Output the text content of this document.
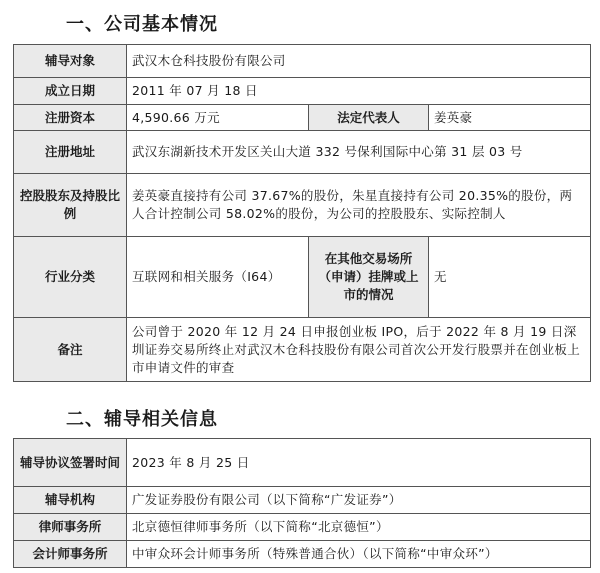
一、公司基本情况
辅导对象	武汉木仓科技股份有限公司		
成立日期	2011 年 07 月 18 日		
注册资本	4,590.66 万元	法定代表人	姜英豪
注册地址	武汉东湖新技术开发区关山大道 332 号保利国际中心第 31 层 03 号		
控股股东及持股比例	姜英豪直接持有公司 37.67%的股份，朱星直接持有公司 20.35%的股份，两人合计控制公司 58.02%的股份，为公司的控股股东、实际控制人		
行业分类	互联网和相关服务（I64）	在其他交易场所（申请）挂牌或上市的情况	无
备注	公司曾于 2020 年 12 月 24 日申报创业板 IPO，后于 2022 年 8 月 19 日深圳证券交易所终止对武汉木仓科技股份有限公司首次公开发行股票并在创业板上市申请文件的审查		
二、辅导相关信息
辅导协议签署时间	2023 年 8 月 25 日
辅导机构	广发证券股份有限公司（以下简称“广发证券”）
律师事务所	北京德恒律师事务所（以下简称“北京德恒”）
会计师事务所	中审众环会计师事务所（特殊普通合伙）（以下简称“中审众环”）
